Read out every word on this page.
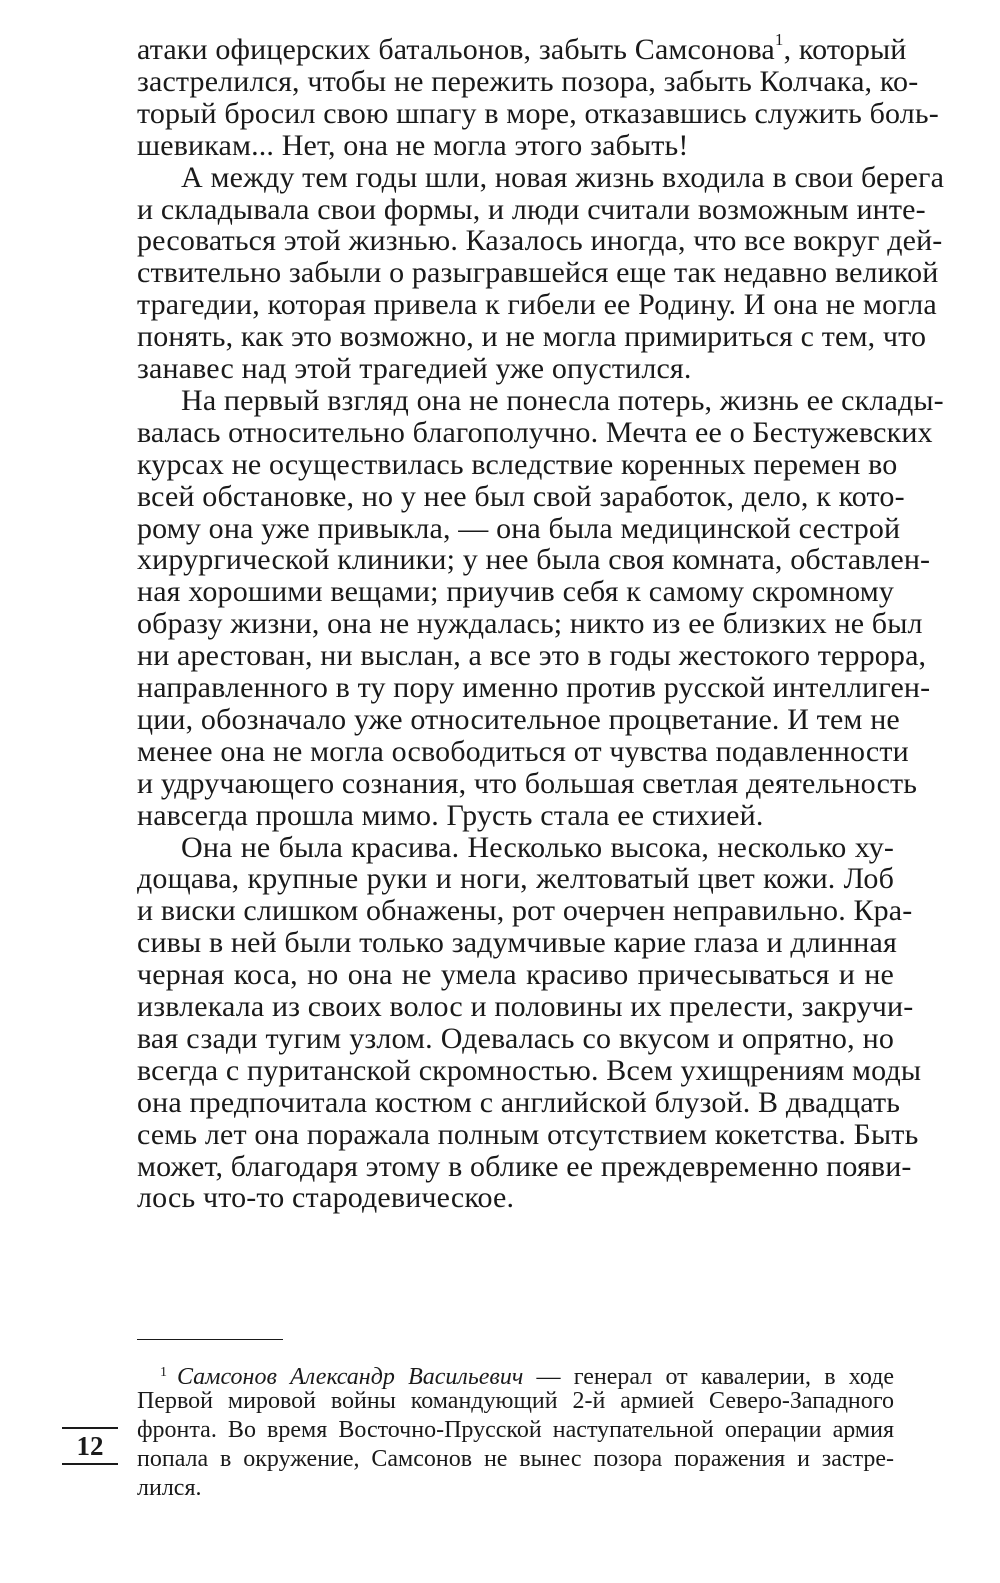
атаки офицерских батальонов, забыть Самсонова$^1$, который
застрелился, чтобы не пережить позора, забыть Колчака, ко-
торый бросил свою шпагу в море, отказавшись служить боль-
шевикам... Нет, она не могла этого забыть!
А между тем годы шли, новая жизнь входила в свои берега
и складывала свои формы, и люди считали возможным инте-
ресоваться этой жизнью. Казалось иногда, что все вокруг дей-
ствительно забыли о разыгравшейся еще так недавно великой
трагедии, которая привела к гибели ее Родину. И она не могла
понять, как это возможно, и не могла примириться с тем, что
занавес над этой трагедией уже опустился.
На первый взгляд она не понесла потерь, жизнь ее склады-
валась относительно благополучно. Мечта ее о Бестужевских
курсах не осуществилась вследствие коренных перемен во
всей обстановке, но у нее был свой заработок, дело, к кото-
рому она уже привыкла, — она была медицинской сестрой
хирургической клиники; у нее была своя комната, обставлен-
ная хорошими вещами; приучив себя к самому скромному
образу жизни, она не нуждалась; никто из ее близких не был
ни арестован, ни выслан, а все это в годы жестокого террора,
направленного в ту пору именно против русской интеллиген-
ции, обозначало уже относительное процветание. И тем не
менее она не могла освободиться от чувства подавленности
и удручающего сознания, что большая светлая деятельность
навсегда прошла мимо. Грусть стала ее стихией.
Она не была красива. Несколько высока, несколько ху-
дощава, крупные руки и ноги, желтоватый цвет кожи. Лоб
и виски слишком обнажены, рот очерчен неправильно. Кра-
сивы в ней были только задумчивые карие глаза и длинная
черная коса, но она не умела красиво причесываться и не
извлекала из своих волос и половины их прелести, закручи-
вая сзади тугим узлом. Одевалась со вкусом и опрятно, но
всегда с пуританской скромностью. Всем ухищрениям моды
она предпочитала костюм с английской блузой. В двадцать
$^1$ Самсонов Александр Васильевич — генерал от кавалерии, в ходе
Первой мировой войны командующий 2-й армией Северо-Западного
фронта. Во время Восточно-Прусской наступательной операции армия
попала в окружение, Самсонов не вынес позора поражения и застре-
лился.
12
семь лет она поражала полным отсутствием кокетства. Быть
может, благодаря этому в облике ее преждевременно появи-
лось что-то стародевическое.
